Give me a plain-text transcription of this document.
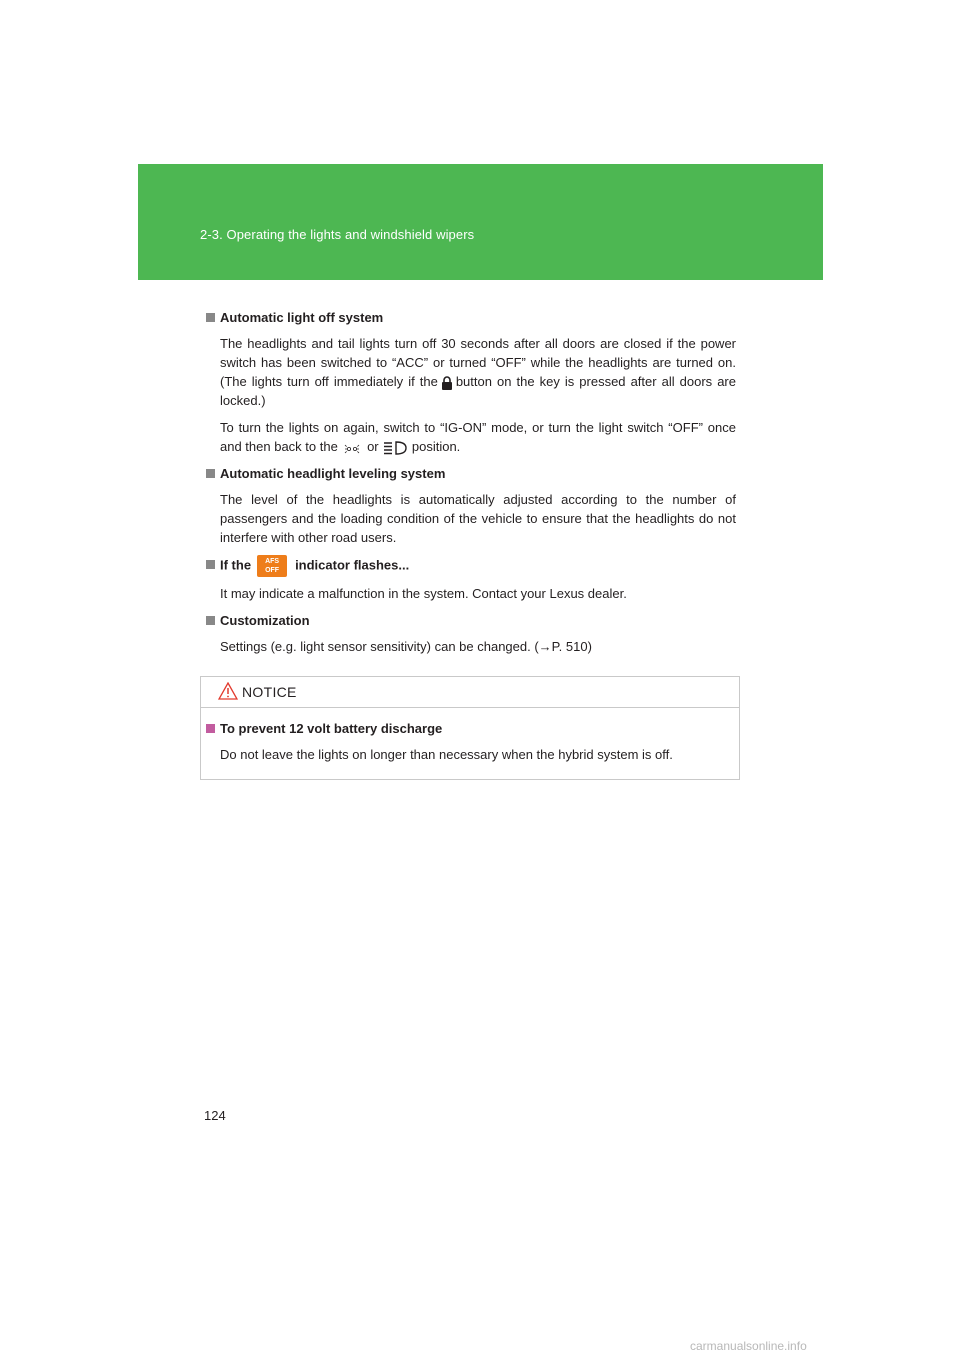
2-3. Operating the lights and windshield wipers
Automatic light off system

The headlights and tail lights turn off 30 seconds after all doors are closed if the power switch has been switched to “ACC” or turned “OFF” while the headlights are turned on. (The lights turn off immediately if the button on the key is pressed after all doors are locked.)

To turn the lights on again, switch to “IG-ON” mode, or turn the light switch “OFF” once and then back to the or	position.

Automatic headlight leveling system

The level of the headlights is automatically adjusted according to the number of passengers and the loading condition of the vehicle to ensure that the headlights do not interfere with other road users.

If the AFS
OFF indicator flashes...

It may indicate a malfunction in the system. Contact your Lexus dealer.

Customization

Settings (e.g. light sensor sensitivity) can be changed. (→P. 510)

NOTICE
To prevent 12 volt battery discharge

Do not leave the lights on longer than necessary when the hybrid system is off.

124
carmanualsonline.info
